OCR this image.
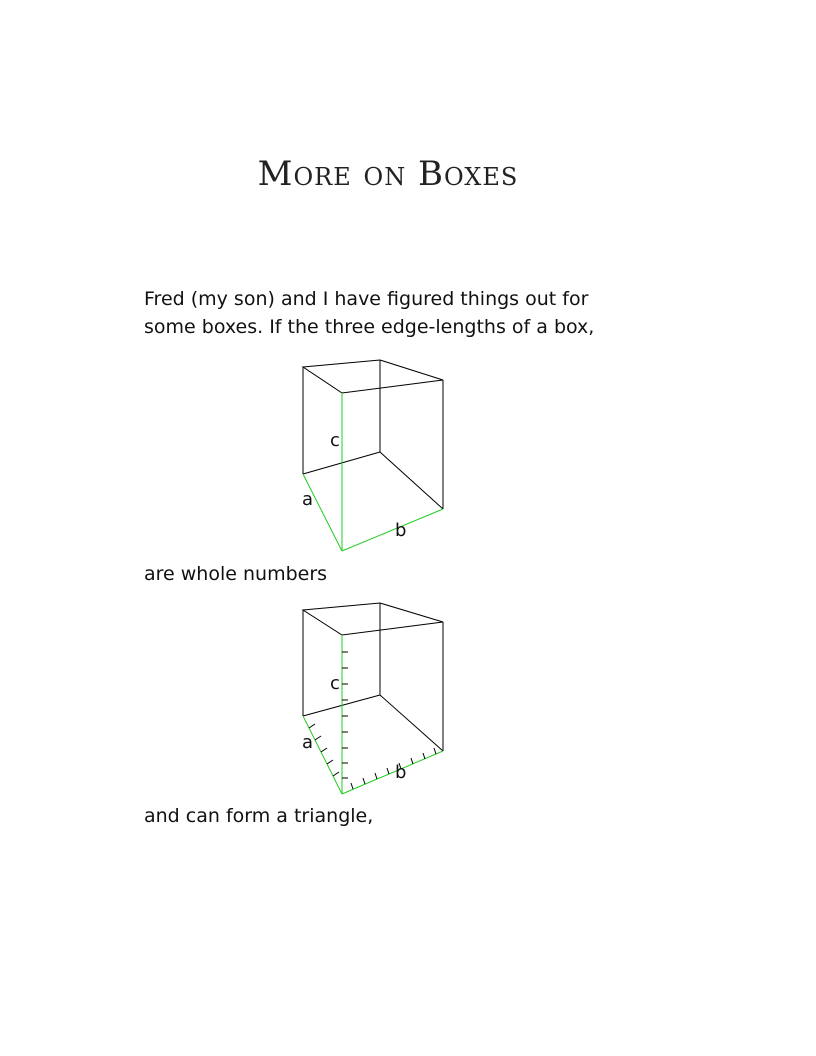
More on Boxes
Fred (my son) and I have figured things out for some boxes. If the three edge-lengths of a box,
c
a
b
are whole numbers
c
a
b
and can form a triangle,
